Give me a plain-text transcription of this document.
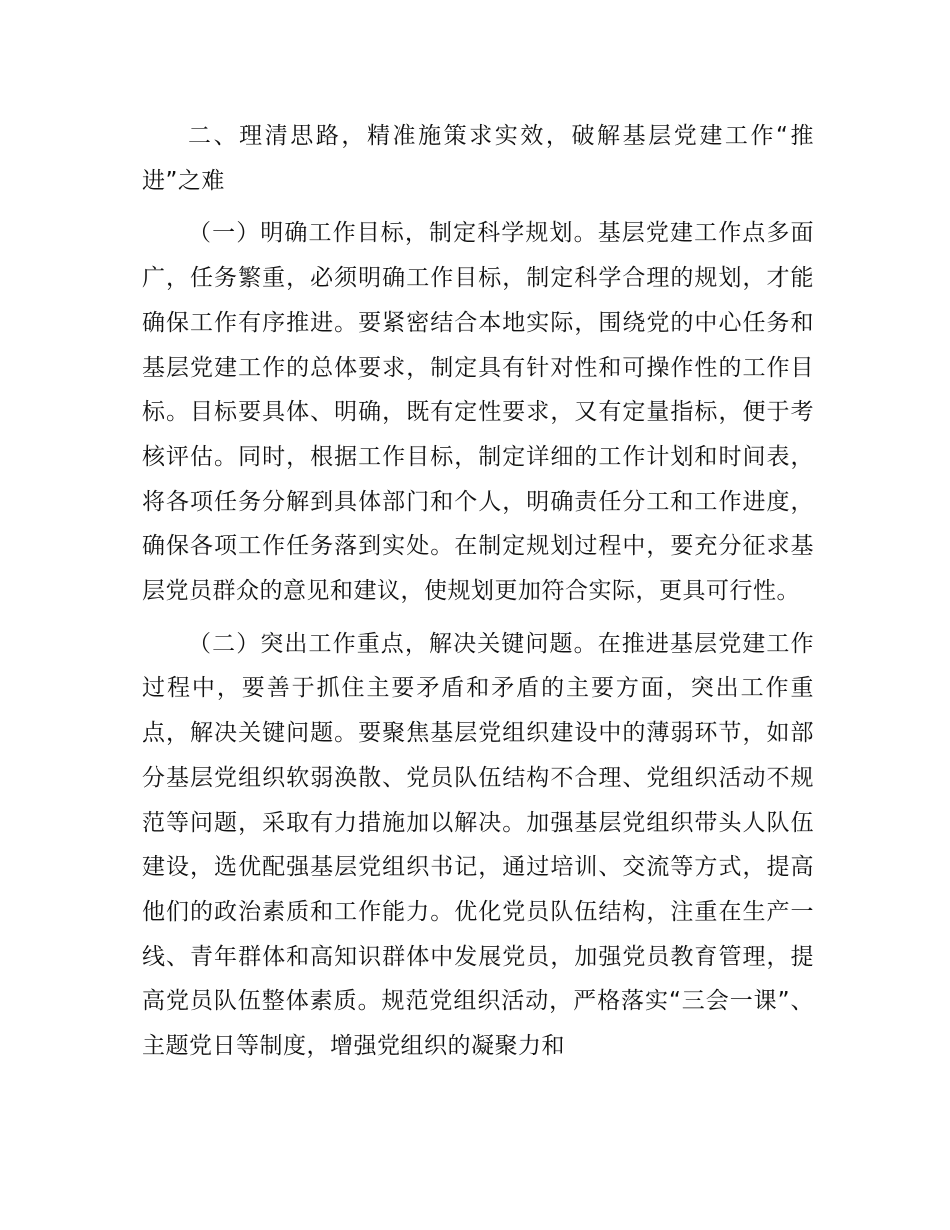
二、理清思路，精准施策求实效，破解基层党建工作“推进”之难

（一）明确工作目标，制定科学规划。基层党建工作点多面广，任务繁重，必须明确工作目标，制定科学合理的规划，才能确保工作有序推进。要紧密结合本地实际，围绕党的中心任务和基层党建工作的总体要求，制定具有针对性和可操作性的工作目标。目标要具体、明确，既有定性要求，又有定量指标，便于考核评估。同时，根据工作目标，制定详细的工作计划和时间表，将各项任务分解到具体部门和个人，明确责任分工和工作进度，确保各项工作任务落到实处。在制定规划过程中，要充分征求基层党员群众的意见和建议，使规划更加符合实际，更具可行性。

（二）突出工作重点，解决关键问题。在推进基层党建工作过程中，要善于抓住主要矛盾和矛盾的主要方面，突出工作重点，解决关键问题。要聚焦基层党组织建设中的薄弱环节，如部分基层党组织软弱涣散、党员队伍结构不合理、党组织活动不规范等问题，采取有力措施加以解决。加强基层党组织带头人队伍建设，选优配强基层党组织书记，通过培训、交流等方式，提高他们的政治素质和工作能力。优化党员队伍结构，注重在生产一线、青年群体和高知识群体中发展党员，加强党员教育管理，提高党员队伍整体素质。规范党组织活动，严格落实“三会一课”、主题党日等制度，增强党组织的凝聚力和
